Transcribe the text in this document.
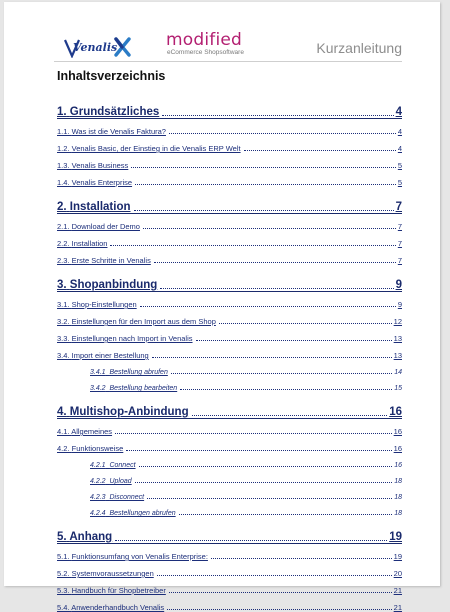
Venalis	modified
eCommerce Shopsoftware	Kurzanleitung
Inhaltsverzeichnis
1. Grundsätzliches	4
1.1. Was ist die Venalis Faktura?	4
1.2. Venalis Basic, der Einstieg in die Venalis ERP Welt	4
1.3. Venalis Business	5
1.4. Venalis Enterprise	5
2. Installation	7
2.1. Download der Demo	7
2.2. Installation	7
2.3. Erste Schritte in Venalis	7
3. Shopanbindung	9
3.1. Shop-Einstellungen	9
3.2. Einstellungen für den Import aus dem Shop	12
3.3. Einstellungen nach Import in Venalis	13
3.4. Import einer Bestellung	13
3.4.1 Bestellung abrufen	14
3.4.2 Bestellung bearbeiten	15
4. Multishop-Anbindung	16
4.1. Allgemeines	16
4.2. Funktionsweise	16
4.2.1 Connect	16
4.2.2 Upload	18
4.2.3 Disconnect	18
4.2.4 Bestellungen abrufen	18
5. Anhang	19
5.1. Funktionsumfang von Venalis Enterprise:	19
5.2. Systemvoraussetzungen	20
5.3. Handbuch für Shopbetreiber	21
5.4. Anwenderhandbuch Venalis	21
